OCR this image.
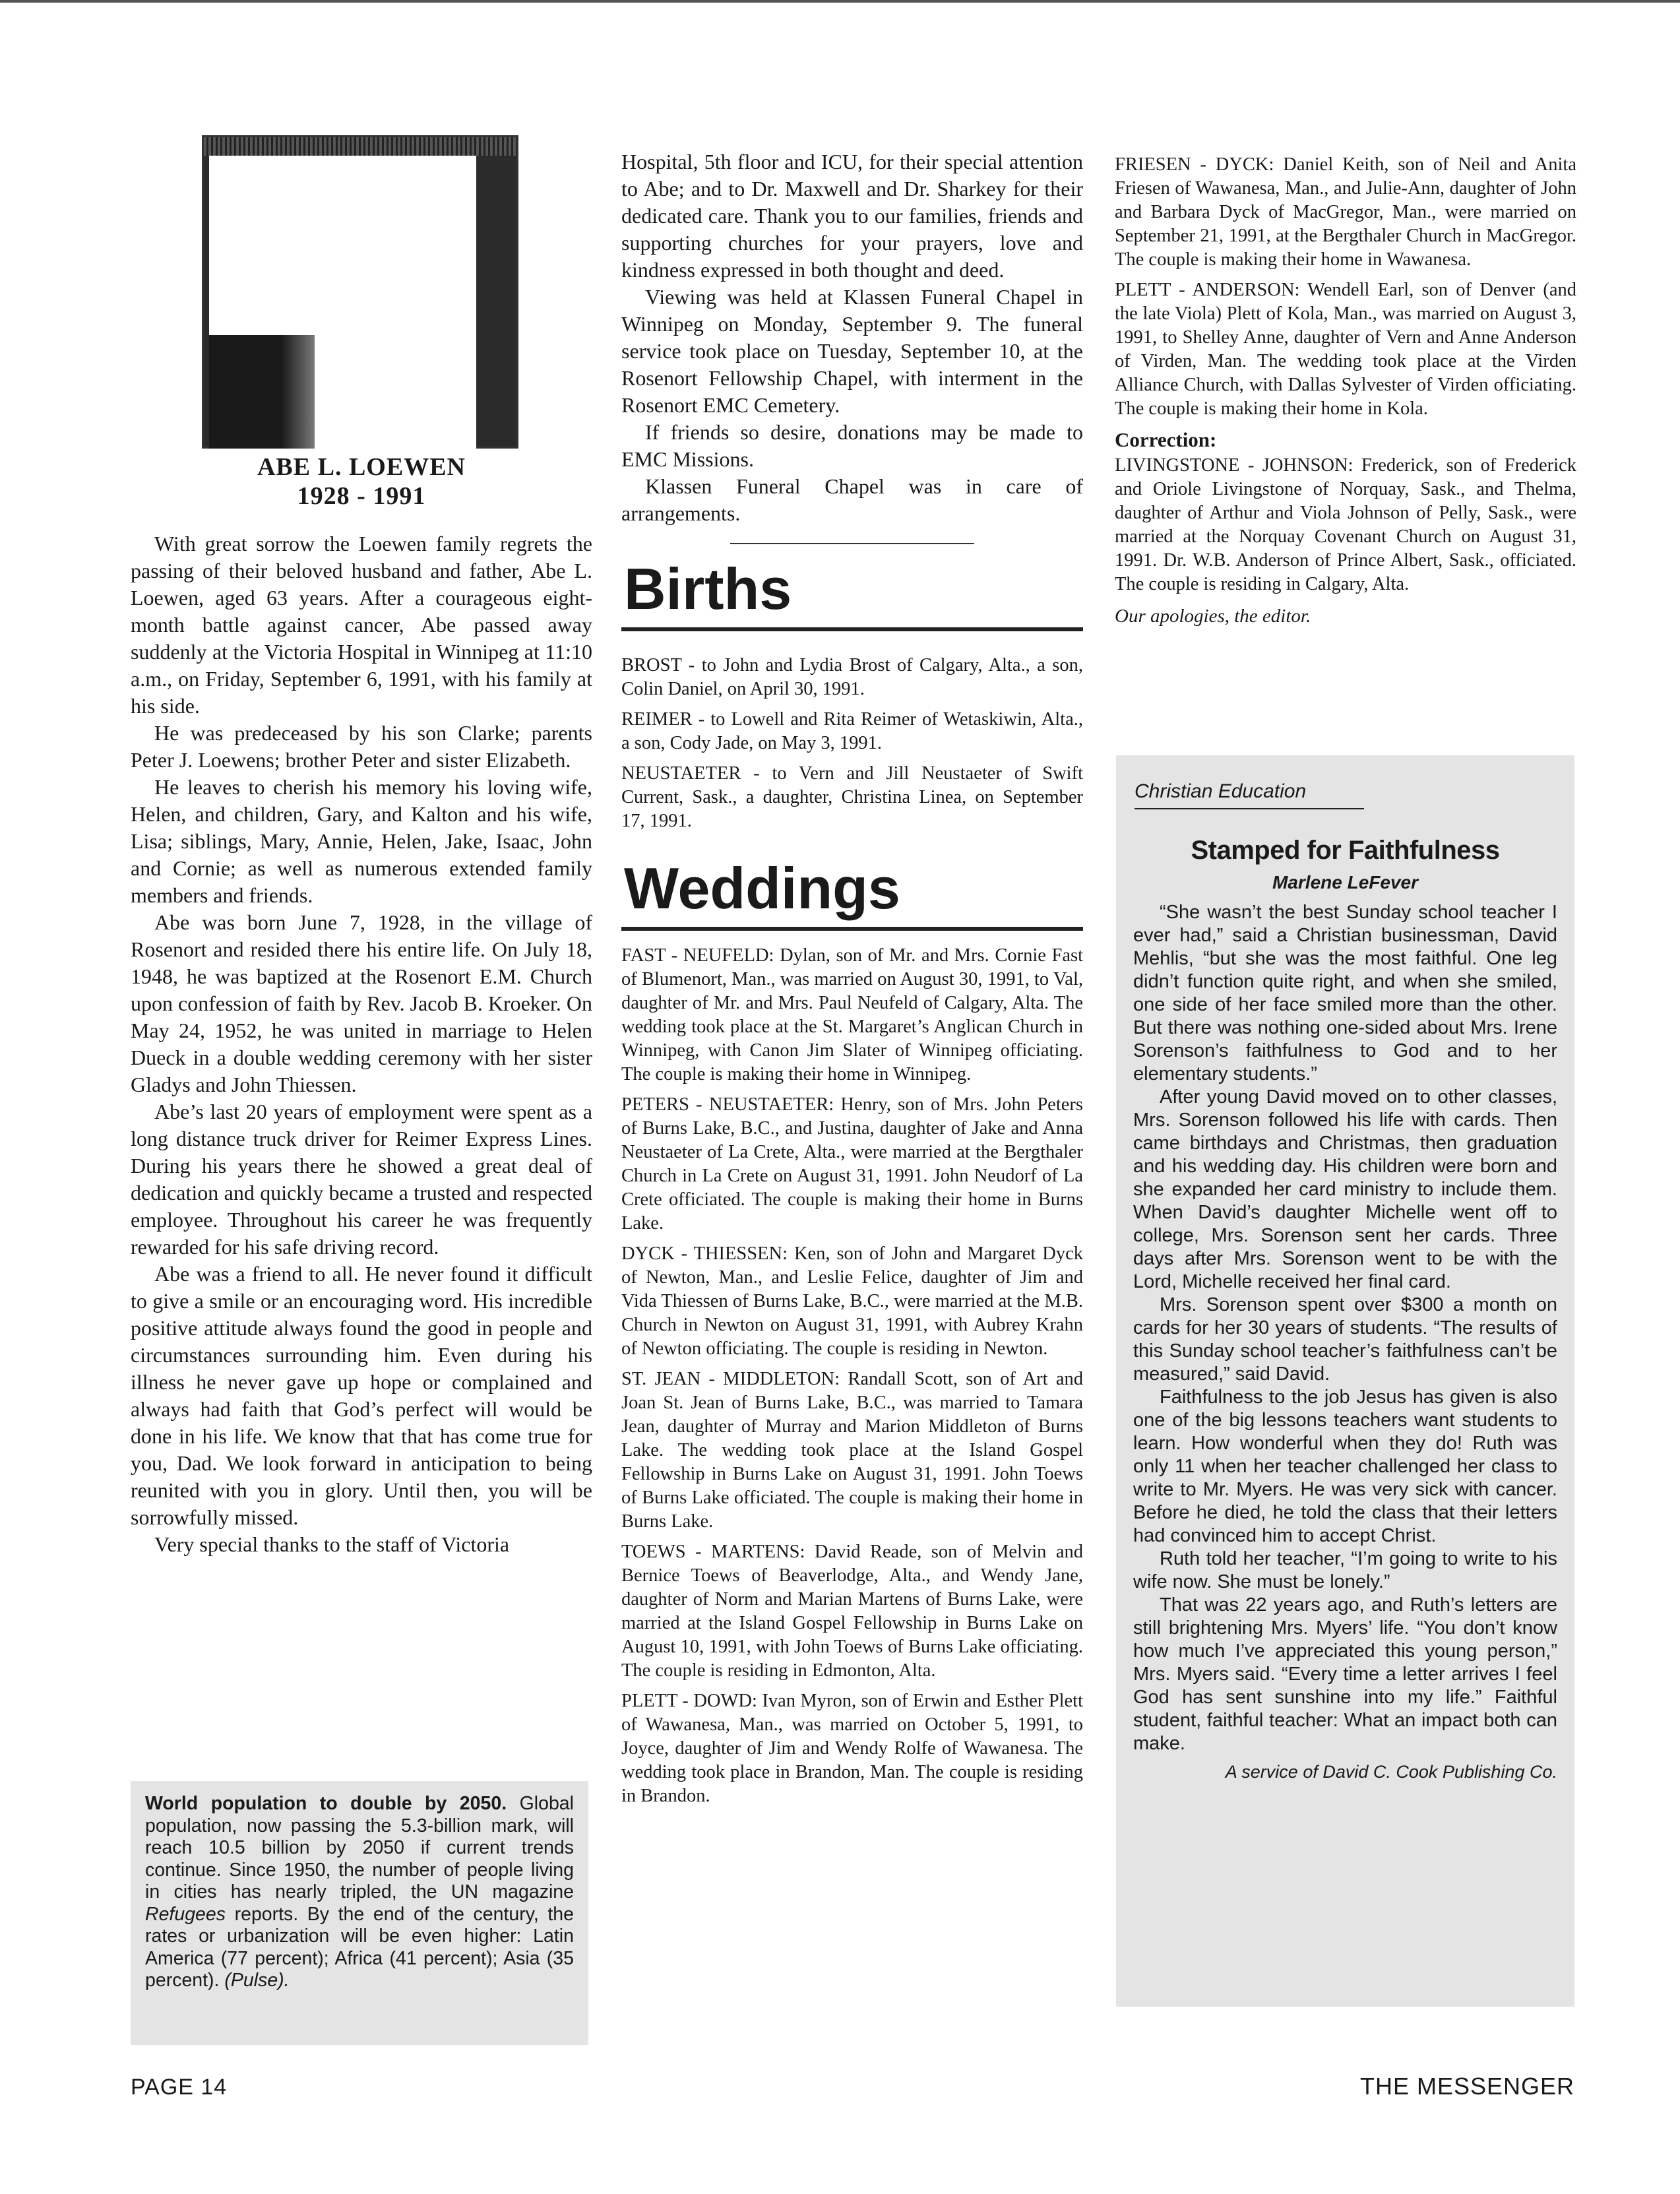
ABE L. LOEWEN
1928 - 1991

With great sorrow the Loewen family regrets the passing of their beloved husband and father, Abe L. Loewen, aged 63 years. After a courageous eight-month battle against cancer, Abe passed away suddenly at the Victoria Hospital in Winnipeg at 11:10 a.m., on Friday, September 6, 1991, with his family at his side.

He was predeceased by his son Clarke; parents Peter J. Loewens; brother Peter and sister Elizabeth.

He leaves to cherish his memory his loving wife, Helen, and children, Gary, and Kalton and his wife, Lisa; siblings, Mary, Annie, Helen, Jake, Isaac, John and Cornie; as well as numerous extended family members and friends.

Abe was born June 7, 1928, in the village of Rosenort and resided there his entire life. On July 18, 1948, he was baptized at the Rosenort E.M. Church upon confession of faith by Rev. Jacob B. Kroeker. On May 24, 1952, he was united in marriage to Helen Dueck in a double wedding ceremony with her sister Gladys and John Thiessen.

Abe’s last 20 years of employment were spent as a long distance truck driver for Reimer Express Lines. During his years there he showed a great deal of dedication and quickly became a trusted and respected employee. Throughout his career he was frequently rewarded for his safe driving record.

Abe was a friend to all. He never found it difficult to give a smile or an encouraging word. His incredible positive attitude always found the good in people and circumstances surrounding him. Even during his illness he never gave up hope or complained and always had faith that God’s perfect will would be done in his life. We know that that has come true for you, Dad. We look forward in anticipation to being reunited with you in glory. Until then, you will be sorrowfully missed.

Very special thanks to the staff of Victoria

World population to double by 2050. Global population, now passing the 5.3-billion mark, will reach 10.5 billion by 2050 if current trends continue. Since 1950, the number of people living in cities has nearly tripled, the UN magazine Refugees reports. By the end of the century, the rates or urbanization will be even higher: Latin America (77 percent); Africa (41 percent); Asia (35 percent). (Pulse).

Hospital, 5th floor and ICU, for their special attention to Abe; and to Dr. Maxwell and Dr. Sharkey for their dedicated care. Thank you to our families, friends and supporting churches for your prayers, love and kindness expressed in both thought and deed.

Viewing was held at Klassen Funeral Chapel in Winnipeg on Monday, September 9. The funeral service took place on Tuesday, September 10, at the Rosenort Fellowship Chapel, with interment in the Rosenort EMC Cemetery.

If friends so desire, donations may be made to EMC Missions.

Klassen Funeral Chapel was in care of arrangements.

Births

BROST - to John and Lydia Brost of Calgary, Alta., a son, Colin Daniel, on April 30, 1991.

REIMER - to Lowell and Rita Reimer of Wetaskiwin, Alta., a son, Cody Jade, on May 3, 1991.

NEUSTAETER - to Vern and Jill Neustaeter of Swift Current, Sask., a daughter, Christina Linea, on September 17, 1991.

Weddings

FAST - NEUFELD: Dylan, son of Mr. and Mrs. Cornie Fast of Blumenort, Man., was married on August 30, 1991, to Val, daughter of Mr. and Mrs. Paul Neufeld of Calgary, Alta. The wedding took place at the St. Margaret’s Anglican Church in Winnipeg, with Canon Jim Slater of Winnipeg officiating. The couple is making their home in Winnipeg.

PETERS - NEUSTAETER: Henry, son of Mrs. John Peters of Burns Lake, B.C., and Justina, daughter of Jake and Anna Neustaeter of La Crete, Alta., were married at the Bergthaler Church in La Crete on August 31, 1991. John Neudorf of La Crete officiated. The couple is making their home in Burns Lake.

DYCK - THIESSEN: Ken, son of John and Margaret Dyck of Newton, Man., and Leslie Felice, daughter of Jim and Vida Thiessen of Burns Lake, B.C., were married at the M.B. Church in Newton on August 31, 1991, with Aubrey Krahn of Newton officiating. The couple is residing in Newton.

ST. JEAN - MIDDLETON: Randall Scott, son of Art and Joan St. Jean of Burns Lake, B.C., was married to Tamara Jean, daughter of Murray and Marion Middleton of Burns Lake. The wedding took place at the Island Gospel Fellowship in Burns Lake on August 31, 1991. John Toews of Burns Lake officiated. The couple is making their home in Burns Lake.

TOEWS - MARTENS: David Reade, son of Melvin and Bernice Toews of Beaverlodge, Alta., and Wendy Jane, daughter of Norm and Marian Martens of Burns Lake, were married at the Island Gospel Fellowship in Burns Lake on August 10, 1991, with John Toews of Burns Lake officiating. The couple is residing in Edmonton, Alta.

PLETT - DOWD: Ivan Myron, son of Erwin and Esther Plett of Wawanesa, Man., was married on October 5, 1991, to Joyce, daughter of Jim and Wendy Rolfe of Wawanesa. The wedding took place in Brandon, Man. The couple is residing in Brandon.

FRIESEN - DYCK: Daniel Keith, son of Neil and Anita Friesen of Wawanesa, Man., and Julie-Ann, daughter of John and Barbara Dyck of MacGregor, Man., were married on September 21, 1991, at the Bergthaler Church in MacGregor. The couple is making their home in Wawanesa.

PLETT - ANDERSON: Wendell Earl, son of Denver (and the late Viola) Plett of Kola, Man., was married on August 3, 1991, to Shelley Anne, daughter of Vern and Anne Anderson of Virden, Man. The wedding took place at the Virden Alliance Church, with Dallas Sylvester of Virden officiating. The couple is making their home in Kola.

Correction:

LIVINGSTONE - JOHNSON: Frederick, son of Frederick and Oriole Livingstone of Norquay, Sask., and Thelma, daughter of Arthur and Viola Johnson of Pelly, Sask., were married at the Norquay Covenant Church on August 31, 1991. Dr. W.B. Anderson of Prince Albert, Sask., officiated. The couple is residing in Calgary, Alta.

Our apologies, the editor.
Christian Education
Stamped for Faithfulness
Marlene LeFever

“She wasn’t the best Sunday school teacher I ever had,” said a Christian businessman, David Mehlis, “but she was the most faithful. One leg didn’t function quite right, and when she smiled, one side of her face smiled more than the other. But there was nothing one-sided about Mrs. Irene Sorenson’s faithfulness to God and to her elementary students.”

After young David moved on to other classes, Mrs. Sorenson followed his life with cards. Then came birthdays and Christmas, then graduation and his wedding day. His children were born and she expanded her card ministry to include them. When David’s daughter Michelle went off to college, Mrs. Sorenson sent her cards. Three days after Mrs. Sorenson went to be with the Lord, Michelle received her final card.

Mrs. Sorenson spent over $300 a month on cards for her 30 years of students. “The results of this Sunday school teacher’s faithfulness can’t be measured,” said David.

Faithfulness to the job Jesus has given is also one of the big lessons teachers want students to learn. How wonderful when they do! Ruth was only 11 when her teacher challenged her class to write to Mr. Myers. He was very sick with cancer. Before he died, he told the class that their letters had convinced him to accept Christ.

Ruth told her teacher, “I’m going to write to his wife now. She must be lonely.”

That was 22 years ago, and Ruth’s letters are still brightening Mrs. Myers’ life. “You don’t know how much I’ve appreciated this young person,” Mrs. Myers said. “Every time a letter arrives I feel God has sent sunshine into my life.” Faithful student, faithful teacher: What an impact both can make.

A service of David C. Cook Publishing Co.
PAGE 14	THE MESSENGER
